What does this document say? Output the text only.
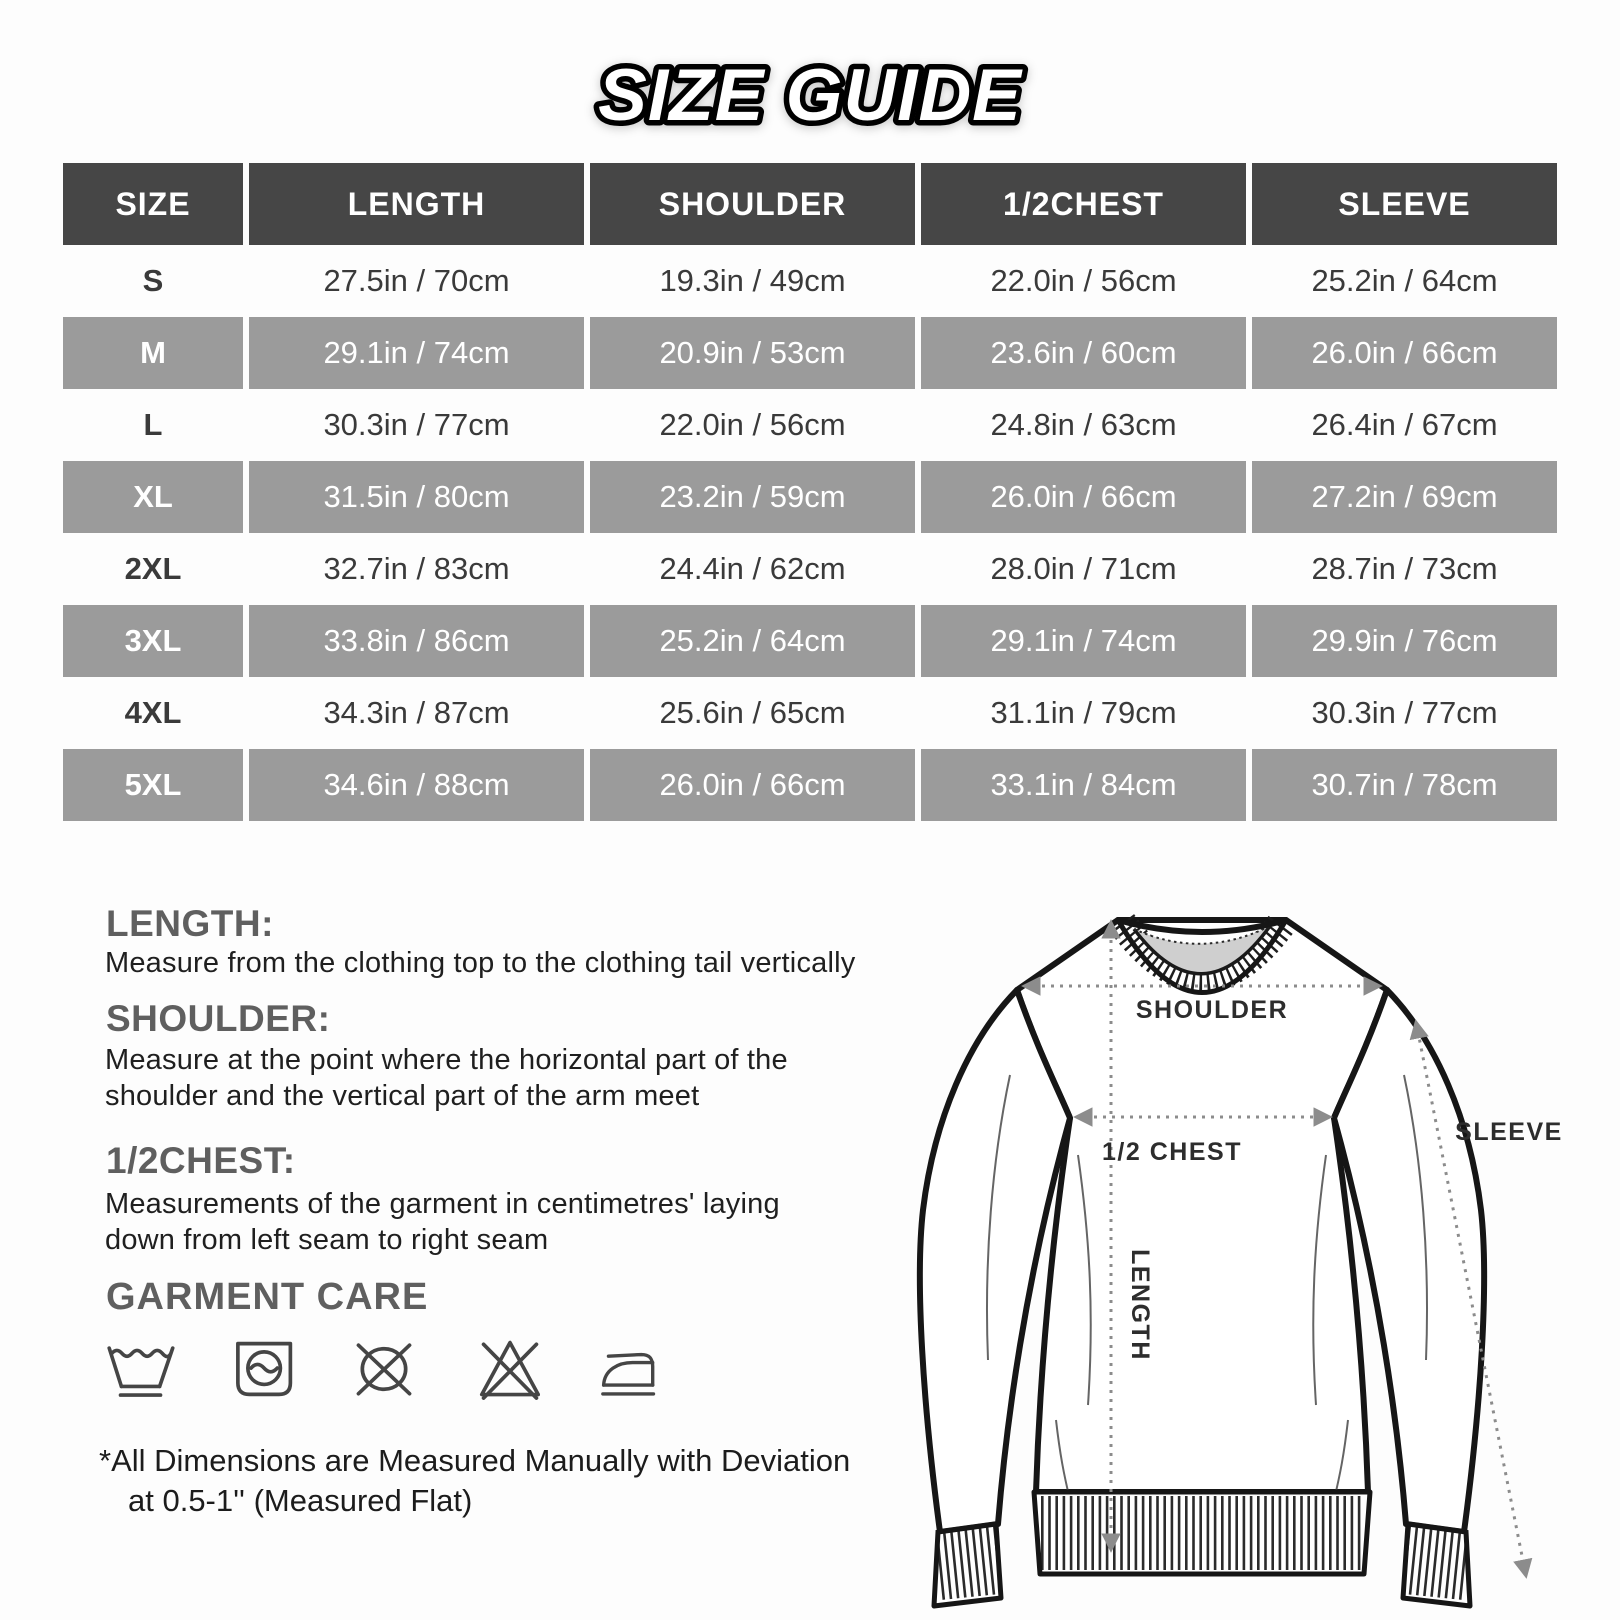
SIZE GUIDE
SIZE	LENGTH	SHOULDER	1/2CHEST	SLEEVE
S	27.5in / 70cm	19.3in / 49cm	22.0in / 56cm	25.2in / 64cm
M	29.1in / 74cm	20.9in / 53cm	23.6in / 60cm	26.0in / 66cm
L	30.3in / 77cm	22.0in / 56cm	24.8in / 63cm	26.4in / 67cm
XL	31.5in / 80cm	23.2in / 59cm	26.0in / 66cm	27.2in / 69cm
2XL	32.7in / 83cm	24.4in / 62cm	28.0in / 71cm	28.7in / 73cm
3XL	33.8in / 86cm	25.2in / 64cm	29.1in / 74cm	29.9in / 76cm
4XL	34.3in / 87cm	25.6in / 65cm	31.1in / 79cm	30.3in / 77cm
5XL	34.6in / 88cm	26.0in / 66cm	33.1in / 84cm	30.7in / 78cm
LENGTH:
Measure from the clothing top to the clothing tail vertically
SHOULDER:
Measure at the point where the horizontal part of the
shoulder and the vertical part of the arm meet
1/2CHEST:
Measurements of the garment in centimetres' laying
down from left seam to right seam
GARMENT CARE
*All Dimensions are Measured Manually with Deviation
at 0.5-1'' (Measured Flat)
SHOULDER
1/2 CHEST
LENGTH
SLEEVE
